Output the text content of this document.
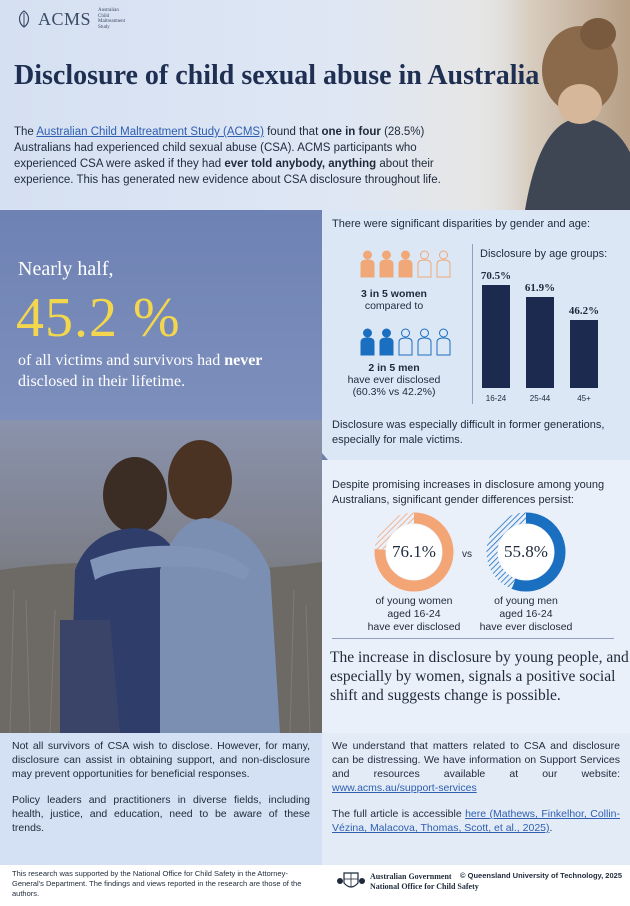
ACMS Australian
Child
Maltreatment
Study
Disclosure of child sexual abuse in Australia

The Australian Child Maltreatment Study (ACMS) found that one in four (28.5%) Australians had experienced child sexual abuse (CSA). ACMS participants who experienced CSA were asked if they had ever told anybody, anything about their experience. This has generated new evidence about CSA disclosure throughout life.

Nearly half,
45.2 %
of all victims and survivors had never disclosed in their lifetime.
There were significant disparities by gender and age:
3 in 5 women
compared to
2 in 5 men
have ever disclosed
(60.3% vs 42.2%)
Disclosure by age groups:
70.5%
16-24
61.9%
25-44
46.2%
45+
Disclosure was especially difficult in former generations, especially for male victims.
Despite promising increases in disclosure among young Australians, significant gender differences persist:
76.1%	vs	55.8%
of young women
aged 16-24
have ever disclosed
of young men
aged 16-24
have ever disclosed
The increase in disclosure by young people, and especially by women, signals a positive social shift and suggests change is possible.

Not all survivors of CSA wish to disclose. However, for many, disclosure can assist in obtaining support, and non-disclosure may prevent opportunities for beneficial responses.

Policy leaders and practitioners in diverse fields, including health, justice, and education, need to be aware of these trends.

We understand that matters related to CSA and disclosure can be distressing. We have information on Support Services and resources available at our website: www.acms.au/support-services

The full article is accessible here (Mathews, Finkelhor, Collin-Vézina, Malacova, Thomas, Scott, et al., 2025).

This research was supported by the National Office for Child Safety in the Attorney-General's Department. The findings and views reported in the research are those of the authors.
Australian Government
National Office for Child Safety
© Queensland University of Technology, 2025
